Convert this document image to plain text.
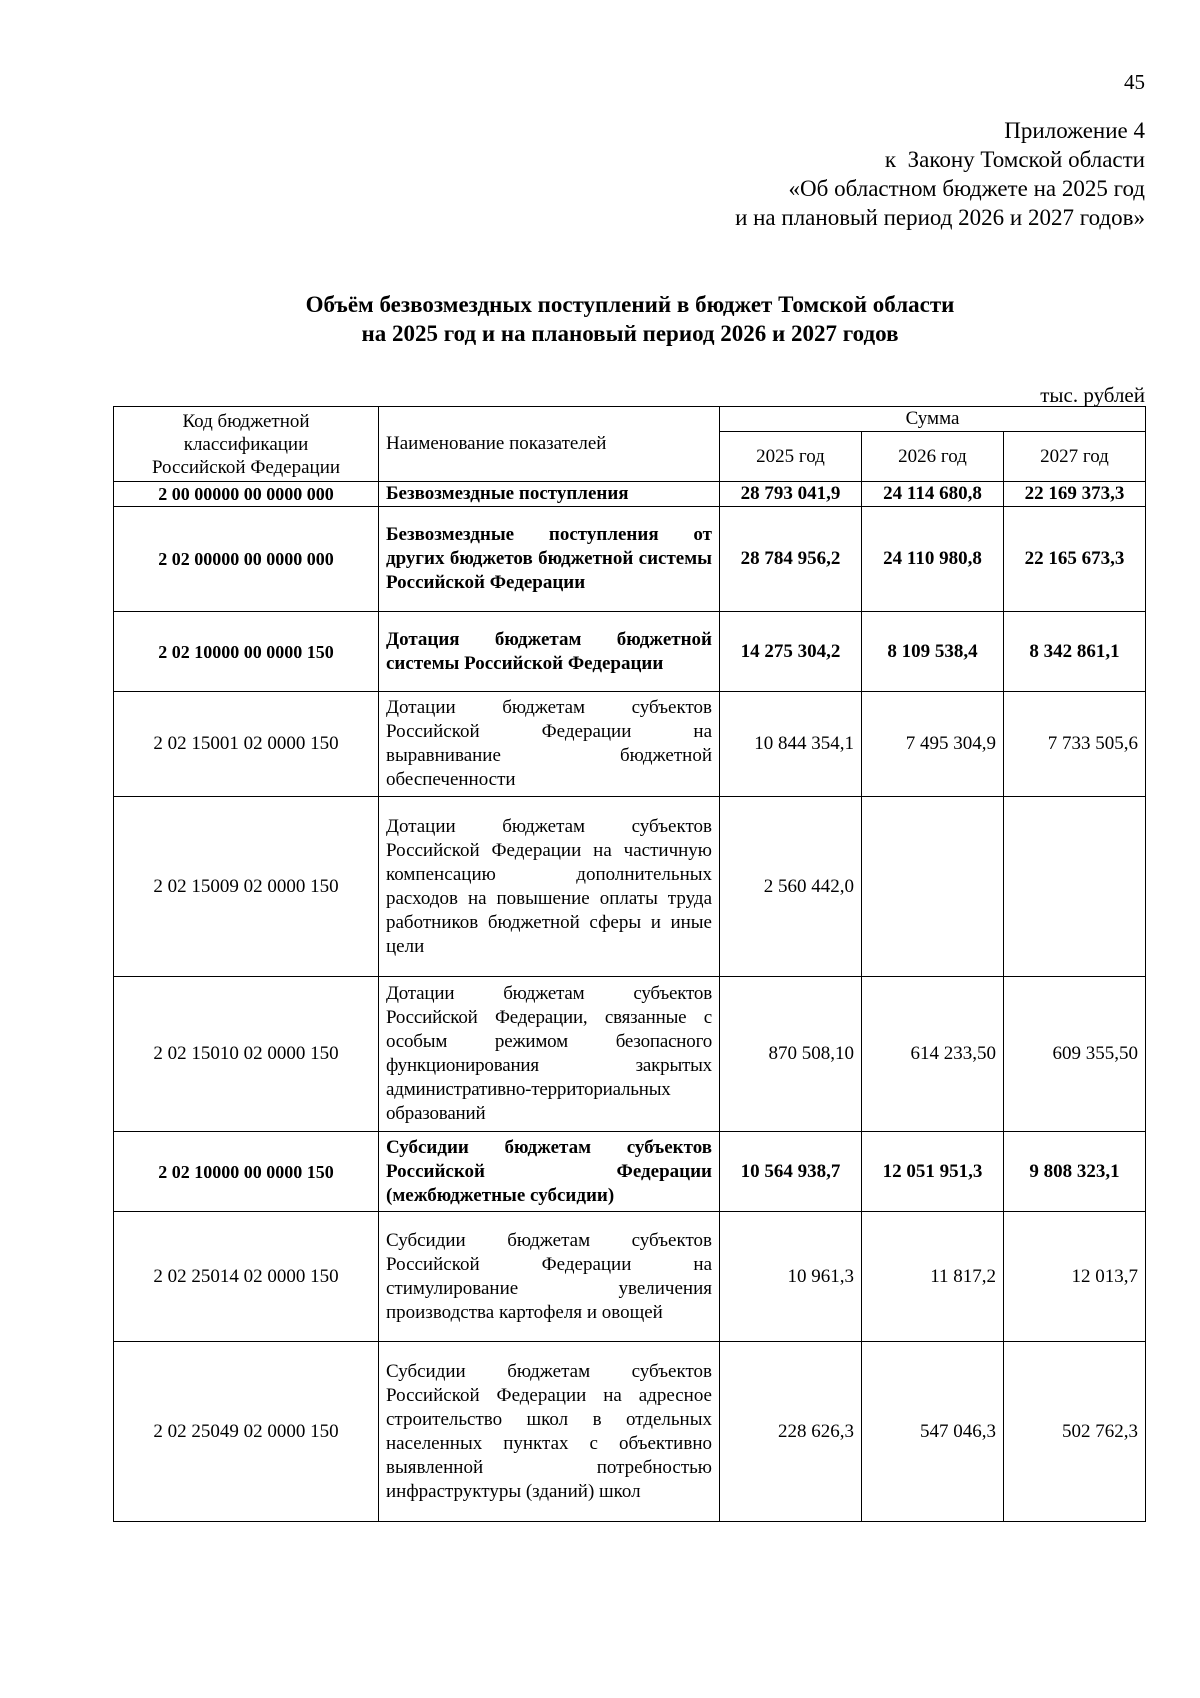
45
Приложение 4
к  Закону Томской области
«Об областном бюджете на 2025 год
и на плановый период 2026 и 2027 годов»
Объём безвозмездных поступлений в бюджет Томской области
на 2025 год и на плановый период 2026 и 2027 годов
тыс. рублей
Код бюджетной
классификации
Российской Федерации	Наименование показателей	Сумма		
		2025 год	2026 год	2027 год
2 00 00000 00 0000 000	Безвозмездные поступления	28 793 041,9	24 114 680,8	22 169 373,3
2 02 00000 00 0000 000	Безвозмездные поступления от других бюджетов бюджетной системы Российской Федерации	28 784 956,2	24 110 980,8	22 165 673,3
2 02 10000 00 0000 150	Дотация бюджетам бюджетной системы Российской Федерации	14 275 304,2	8 109 538,4	8 342 861,1
2 02 15001 02 0000 150	Дотации бюджетам субъектов Российской Федерации на выравнивание бюджетной обеспеченности	10 844 354,1	7 495 304,9	7 733 505,6
2 02 15009 02 0000 150	Дотации бюджетам субъектов Российской Федерации на частичную компенсацию дополнительных расходов на повышение оплаты труда работников бюджетной сферы и иные цели	2 560 442,0		
2 02 15010 02 0000 150	Дотации бюджетам субъектов Российской Федерации, связанные с особым режимом безопасного функционирования закрытых административно-территориальных образований	870 508,10	614 233,50	609 355,50
2 02 10000 00 0000 150	Субсидии бюджетам субъектов Российской Федерации (межбюджетные субсидии)	10 564 938,7	12 051 951,3	9 808 323,1
2 02 25014 02 0000 150	Субсидии бюджетам субъектов Российской Федерации на стимулирование увеличения производства картофеля и овощей	10 961,3	11 817,2	12 013,7
2 02 25049 02 0000 150	Субсидии бюджетам субъектов Российской Федерации на адресное строительство школ в отдельных населенных пунктах с объективно выявленной потребностью инфраструктуры (зданий) школ	228 626,3	547 046,3	502 762,3
